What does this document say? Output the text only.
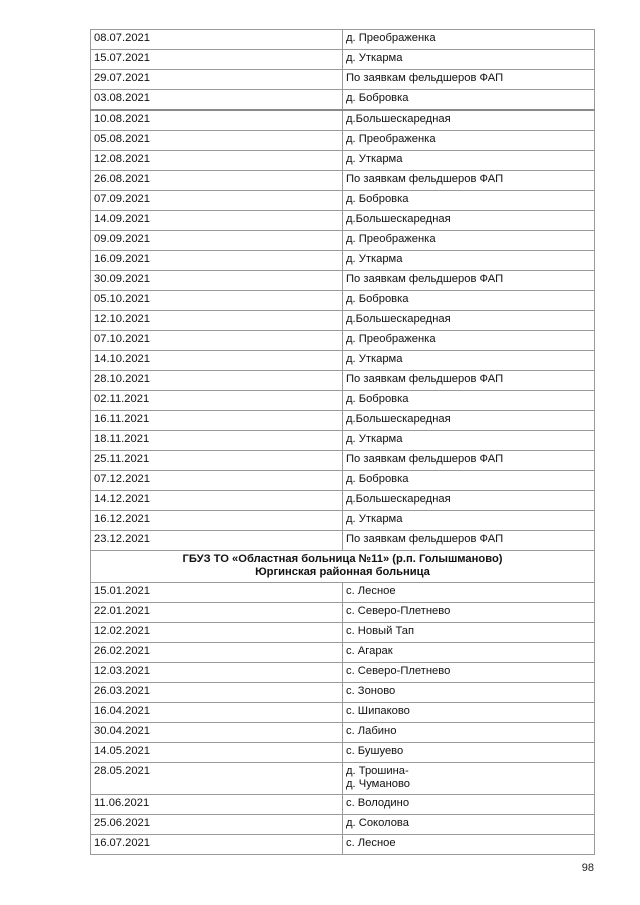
08.07.2021	д. Преображенка
15.07.2021	д. Уткарма
29.07.2021	По заявкам фельдшеров ФАП
03.08.2021	д. Бобровка
10.08.2021	д.Большескаредная
05.08.2021	д. Преображенка
12.08.2021	д. Уткарма
26.08.2021	По заявкам фельдшеров ФАП
07.09.2021	д. Бобровка
14.09.2021	д.Большескаредная
09.09.2021	д. Преображенка
16.09.2021	д. Уткарма
30.09.2021	По заявкам фельдшеров ФАП
05.10.2021	д. Бобровка
12.10.2021	д.Большескаредная
07.10.2021	д. Преображенка
14.10.2021	д. Уткарма
28.10.2021	По заявкам фельдшеров ФАП
02.11.2021	д. Бобровка
16.11.2021	д.Большескаредная
18.11.2021	д. Уткарма
25.11.2021	По заявкам фельдшеров ФАП
07.12.2021	д. Бобровка
14.12.2021	д.Большескаредная
16.12.2021	д. Уткарма
23.12.2021	По заявкам фельдшеров ФАП

ГБУЗ ТО «Областная больница №11» (р.п. Голышманово)
Юргинская районная больница	

15.01.2021	с. Лесное
22.01.2021	с. Северо-Плетнево
12.02.2021	с. Новый Тап
26.02.2021	с. Агарак
12.03.2021	с. Северо-Плетнево
26.03.2021	с. Зоново
16.04.2021	с. Шипаково
30.04.2021	с. Лабино
14.05.2021	с. Бушуево
28.05.2021	д. Трошина-
д. Чуманово
11.06.2021	с. Володино
25.06.2021	д. Соколова
16.07.2021	с. Лесное
98
